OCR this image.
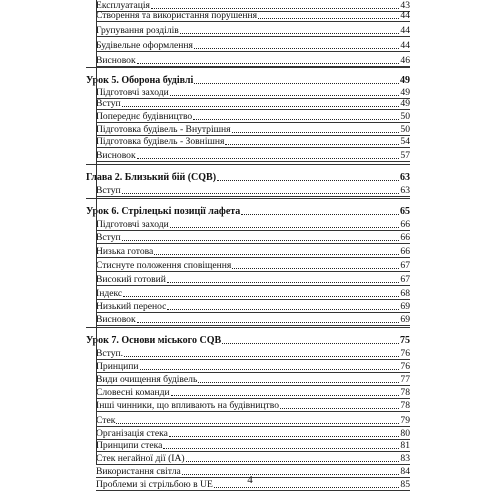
Експлуатація	43
Створення та використання порушення	44
Групування розділів	44
Будівельне оформлення	44
Висновок	46
Урок 5. Оборона будівлі	49
Підготовчі заходи	49
Вступ	49
Попереднє будівництво	50
Підготовка будівель - Внутрішня	50
Підготовка будівель - Зовнішня	54
Висновок	57
Глава 2. Близький бій (CQB)	63
Вступ	63
Урок 6. Стрілецькі позиції лафета	65
Підготовчі заходи	66
Вступ	66
Низька готова	66
Стиснуте положення сповіщення	67
Високий готовий	67
Індекс	68
Низький перенос	69
Висновок	69
Урок 7. Основи міського CQB	75
Вступ.	76
Принципи	76
Види очищення будівель	77
Словесні команди	78
Інші чинники, що впливають на будівництво	78
Стек	79
Організація стека	80
Принципи стека	81
Стек негайної дії (IA)	83
Використання світла	84
Проблеми зі стрільбою в UE	85
4
